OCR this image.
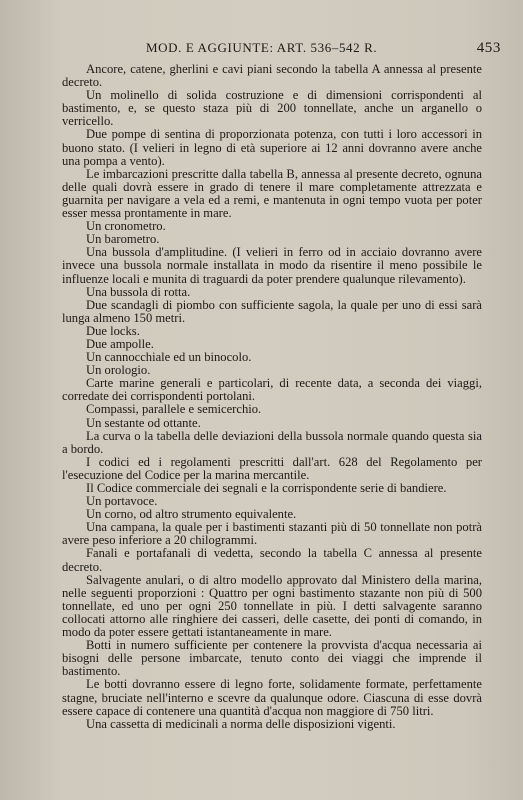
MOD. E AGGIUNTE: ART. 536–542 R.	453

Ancore, catene, gherlini e cavi piani secondo la tabella A annessa al presente decreto.

Un molinello di solida costruzione e di dimensioni corrispondenti al bastimento, e, se questo staza più di 200 tonnellate, anche un arganello o verricello.

Due pompe di sentina di proporzionata potenza, con tutti i loro accessori in buono stato. (I velieri in legno di età superiore ai 12 anni dovranno avere anche una pompa a vento).

Le imbarcazioni prescritte dalla tabella B, annessa al presente decreto, ognuna delle quali dovrà essere in grado di tenere il mare completamente attrezzata e guarnita per navigare a vela ed a remi, e mantenuta in ogni tempo vuota per poter esser messa prontamente in mare.

Un cronometro.

Un barometro.

Una bussola d'amplitudine. (I velieri in ferro od in acciaio dovranno avere invece una bussola normale installata in modo da risentire il meno possibile le influenze locali e munita di traguardi da poter prendere qualunque rilevamento).

Una bussola di rotta.

Due scandagli di piombo con sufficiente sagola, la quale per uno di essi sarà lunga almeno 150 metri.

Due locks.

Due ampolle.

Un cannocchiale ed un binocolo.

Un orologio.

Carte marine generali e particolari, di recente data, a seconda dei viaggi, corredate dei corrispondenti portolani.

Compassi, parallele e semicerchio.

Un sestante od ottante.

La curva o la tabella delle deviazioni della bussola normale quando questa sia a bordo.

I codici ed i regolamenti prescritti dall'art. 628 del Regolamento per l'esecuzione del Codice per la marina mercantile.

Il Codice commerciale dei segnali e la corrispondente serie di bandiere.

Un portavoce.

Un corno, od altro strumento equivalente.

Una campana, la quale per i bastimenti stazanti più di 50 tonnellate non potrà avere peso inferiore a 20 chilogrammi.

Fanali e portafanali di vedetta, secondo la tabella C annessa al presente decreto.

Salvagente anulari, o di altro modello approvato dal Ministero della marina, nelle seguenti proporzioni : Quattro per ogni bastimento stazante non più di 500 tonnellate, ed uno per ogni 250 tonnellate in più. I detti salvagente saranno collocati attorno alle ringhiere dei casseri, delle casette, dei ponti di comando, in modo da poter essere gettati istantaneamente in mare.

Botti in numero sufficiente per contenere la provvista d'acqua necessaria ai bisogni delle persone imbarcate, tenuto conto dei viaggi che imprende il bastimento.

Le botti dovranno essere di legno forte, solidamente formate, perfettamente stagne, bruciate nell'interno e scevre da qualunque odore. Ciascuna di esse dovrà essere capace di contenere una quantità d'acqua non maggiore di 750 litri.

Una cassetta di medicinali a norma delle disposizioni vigenti.
